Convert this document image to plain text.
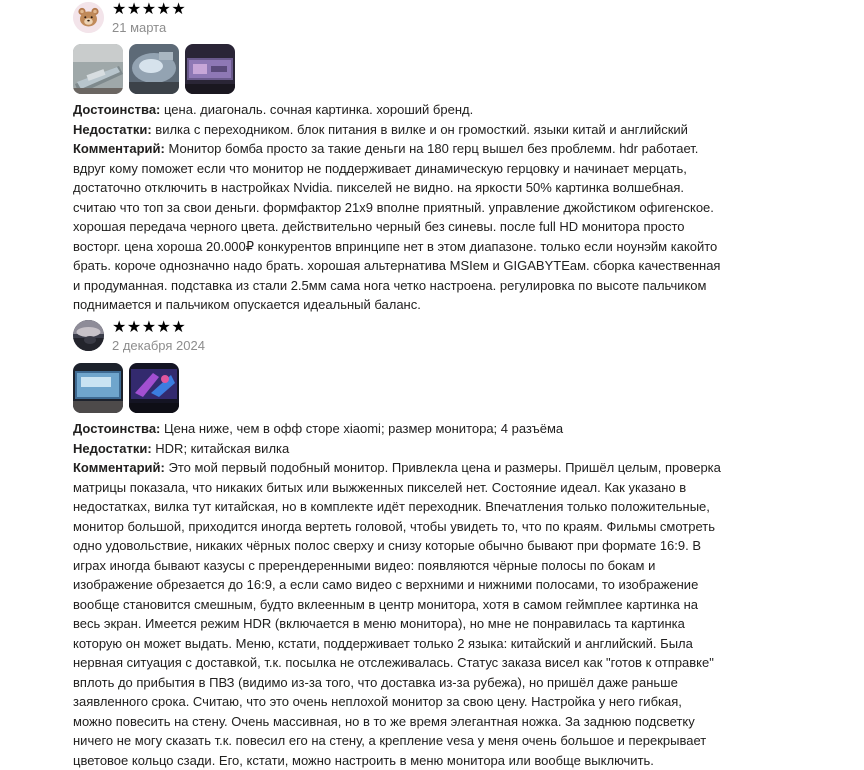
★★★★★
21 марта

Достоинства: цена. диагональ. сочная картинка. хороший бренд.

Недостатки: вилка с переходником. блок питания в вилке и он громосткий. языки китай и английский

Комментарий: Монитор бомба просто за такие деньги на 180 герц вышел без проблемм. hdr работает. вдруг кому поможет если что монитор не поддерживает динамическую герцовку и начинает мерцать, достаточно отключить в настройках Nvidia. пикселей не видно. на яркости 50% картинка волшебная. считаю что топ за свои деньги. формфактор 21х9 вполне приятный. управление джойстиком офигенское. хорошая передача черного цвета. действительно черный без синевы. после full HD монитора просто восторг. цена хороша 20.000₽ конкурентов впринципе нет в этом диапазоне. только если ноунэйм какойто брать. короче однозначно надо брать. хорошая альтернатива MSIем и GIGABYTEам. сборка качественная и продуманная. подставка из стали 2.5мм сама нога четко настроена. регулировка по высоте пальчиком поднимается и пальчиком опускается идеальный баланс.

★★★★★
2 декабря 2024

Достоинства: Цена ниже, чем в офф сторе xiaomi; размер монитора; 4 разъёма

Недостатки: HDR; китайская вилка

Комментарий: Это мой первый подобный монитор. Привлекла цена и размеры. Пришёл целым, проверка матрицы показала, что никаких битых или выжженных пикселей нет. Состояние идеал. Как указано в недостатках, вилка тут китайская, но в комплекте идёт переходник. Впечатления только положительные, монитор большой, приходится иногда вертеть головой, чтобы увидеть то, что по краям. Фильмы смотреть одно удовольствие, никаких чёрных полос сверху и снизу которые обычно бывают при формате 16:9. В играх иногда бывают казусы с пререндеренными видео: появляются чёрные полосы по бокам и изображение обрезается до 16:9, а если само видео с верхними и нижними полосами, то изображение вообще становится смешным, будто вклеенным в центр монитора, хотя в самом геймплее картинка на весь экран. Имеется режим HDR (включается в меню монитора), но мне не понравилась та картинка которую он может выдать. Меню, кстати, поддерживает только 2 языка: китайский и английский. Была нервная ситуация с доставкой, т.к. посылка не отслеживалась. Статус заказа висел как "готов к отправке" вплоть до прибытия в ПВЗ (видимо из-за того, что доставка из-за рубежа), но пришёл даже раньше заявленного срока. Считаю, что это очень неплохой монитор за свою цену. Настройка у него гибкая, можно повесить на стену. Очень массивная, но в то же время элегантная ножка. За заднюю подсветку ничего не могу сказать т.к. повесил его на стену, а крепление vesa у меня очень большое и перекрывает цветовое кольцо сзади. Его, кстати, можно настроить в меню монитора или вообще выключить.
